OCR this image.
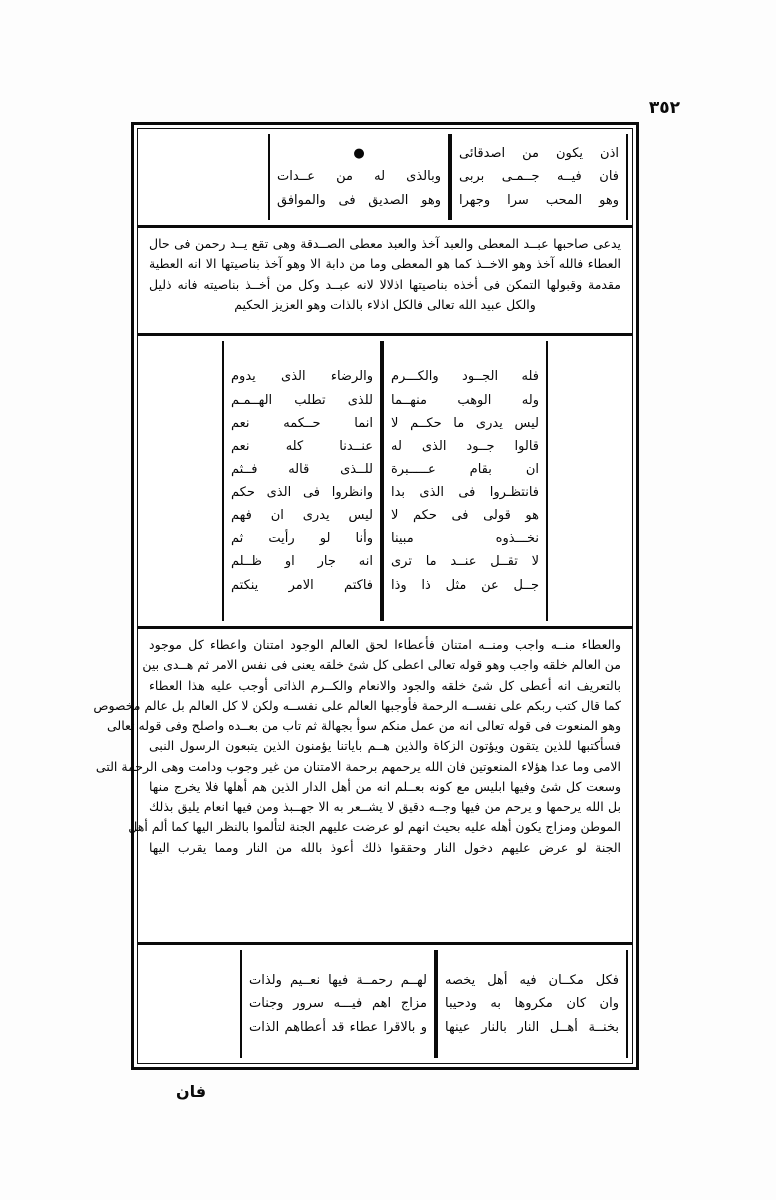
٣٥٢
اذن يكون من اصدقائى
فان فيــه جــمـى بربى
وهو المحب سرا وجهرا
●
وبالذى له من عــدات
وهو الصديق فى والموافق
يدعى صاحبها عبــد المعطى والعبد آخذ والعبد معطى الصــدقة وهى تقع يــد رحمن فى حال
العطاء فالله آخذ وهو الاخــذ كما هو المعطى وما من دابة الا وهو آخذ بناصيتها الا انه العطية
مقدمة وقبولها التمكن فى أخذه بناصيتها اذلالا لانه عبــد وكل من أخــذ بناصيته فانه ذليل
والكل عبيد الله تعالى فالكل اذلاء بالذات وهو العزيز الحكيم
فله الجــود والكـــرم
وله الوهب منهــما
ليس يدرى ما حكــم لا
قالوا جــود الذى له
ان بقام عـــــبرة
فانتظـروا فى الذى بدا
هو قولى فى حكم لا
نخـــذوه مبينا
لا تقــل عنــد ما ترى
جــل عن مثل ذا وذا
والرضاء الذى يدوم
للذى تطلب الهــمـم
انما حــكمه نعم
عنــدنا كله نعم
للــذى قاله فــثم
وانظروا فى الذى حكم
ليس يدرى ان فهم
وأنا لو رأيت ثم
انه جار او ظــلم
فاكتم الامر ينكتم
والعطاء منــه واجب ومنــه امتنان فأعطاءا لحق العالم الوجود امتنان واعطاء كل موجود
من العالم خلقه واجب وهو قوله تعالى اعطى كل شئ خلقه يعنى فى نفس الامر ثم هــدى بين
بالتعريف انه أعطى كل شئ خلقه والجود والانعام والكــرم الذاتى أوجب عليه هذا العطاء
كما قال كتب ربكم على نفســه الرحمة فأوجبها العالم على نفســه ولكن لا كل العالم بل عالم مخصوص
وهو المنعوت فى قوله تعالى انه من عمل منكم سوأ بجهالة ثم تاب من بعــده واصلح وفى قوله تعالى
فسأكتبها للذين يتقون ويؤتون الزكاة والذين هــم باياتنا يؤمنون الذين يتبعون الرسول النبى
الامى وما عدا هؤلاء المنعوتين فان الله يرحمهم برحمة الامتنان من غير وجوب ودامت وهى الرحمة التى
وسعت كل شئ وفيها ابليس مع كونه بعــلم انه من أهل الدار الذين هم أهلها فلا يخرج منها
بل الله يرحمها و يرحم من فيها وجــه دقيق لا يشــعر به الا جهــبذ ومن فيها انعام يليق بذلك
الموطن ومزاج يكون أهله عليه بحيث انهم لو عرضت عليهم الجنة لتألموا بالنظر اليها كما ألم أهل
الجنة لو عرض عليهم دخول النار وحققوا ذلك أعوذ بالله من النار ومما يقرب اليها
فكل مكــان فيه أهل يخصه
وان كان مكروها به ودحيبا
بخنــة أهــل النار بالنار عينها
لهــم رحمــة فيها نعــيم ولذات
مزاج اهم فيـــه سرور وجنات
و بالاقرا عطاء قد أعطاهم الذات
فان
